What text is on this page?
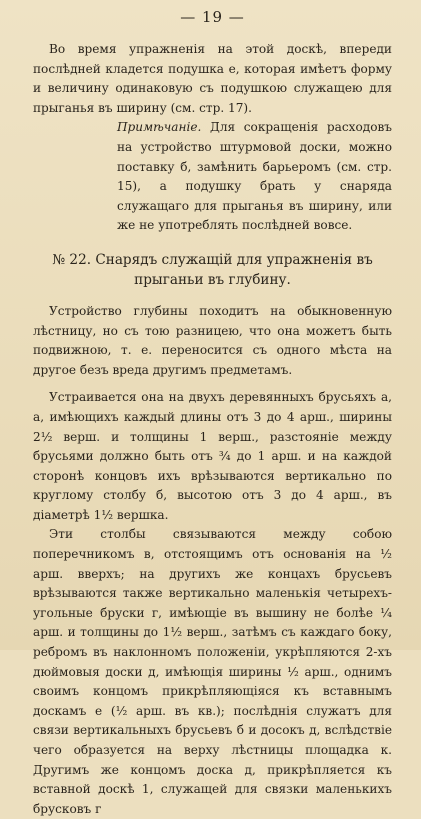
— 19 —

Во время упражненія на этой доскѣ, впереди послѣдней кладется подушка е, которая имѣетъ форму и величину одинаковую съ подушкою служащею для прыганья въ ширину (см. стр. 17).

Примѣчаніе. Для сокращенія расходовъ на устройство штурмовой доски, можно поставку б, замѣнить барьеромъ (см. стр. 15), а подушку брать у снаряда служащаго для прыганья въ ширину, или же не употреблять послѣдней вовсе.

№ 22. Снарядъ служащій для упражненія въ прыганьи въ глубину.

Устройство глубины походитъ на обыкновенную лѣстницу, но съ тою разницею, что она можетъ быть подвижною, т. е. переносится съ одного мѣста на другое безъ вреда другимъ предметамъ.

Устраивается она на двухъ деревянныхъ брусьяхъ а, а, имѣющихъ каждый длины отъ 3 до 4 арш., ширины 2½ верш. и толщины 1 верш., разстояніе между брусьями должно быть отъ ¾ до 1 арш. и на каждой сторонѣ концовъ ихъ врѣзываются вертикально по круглому столбу б, высотою отъ 3 до 4 арш., въ діаметрѣ 1½ вершка.

Эти столбы связываются между собою поперечникомъ в, отстоящимъ отъ основанія на ½ арш. вверхъ; на другихъ же концахъ брусьевъ врѣзываются также вертикально маленькія четырехъ-угольные бруски г, имѣющіе въ вышину не болѣе ¼ арш. и толщины до 1½ верш., затѣмъ съ каждаго боку, ребромъ въ наклонномъ положеніи, укрѣпляются 2-хъ дюймовыя доски д, имѣющія ширины ½ арш., однимъ своимъ концомъ прикрѣпляющіяся къ вставнымъ доскамъ е (½ арш. въ кв.); послѣднія служатъ для связи вертикальныхъ брусьевъ б и досокъ д, вслѣдствіе чего образуется на верху лѣстницы площадка к. Другимъ же концомъ доска д, прикрѣпляется къ вставной доскѣ 1, служащей для связки маленькихъ брусковъ г
